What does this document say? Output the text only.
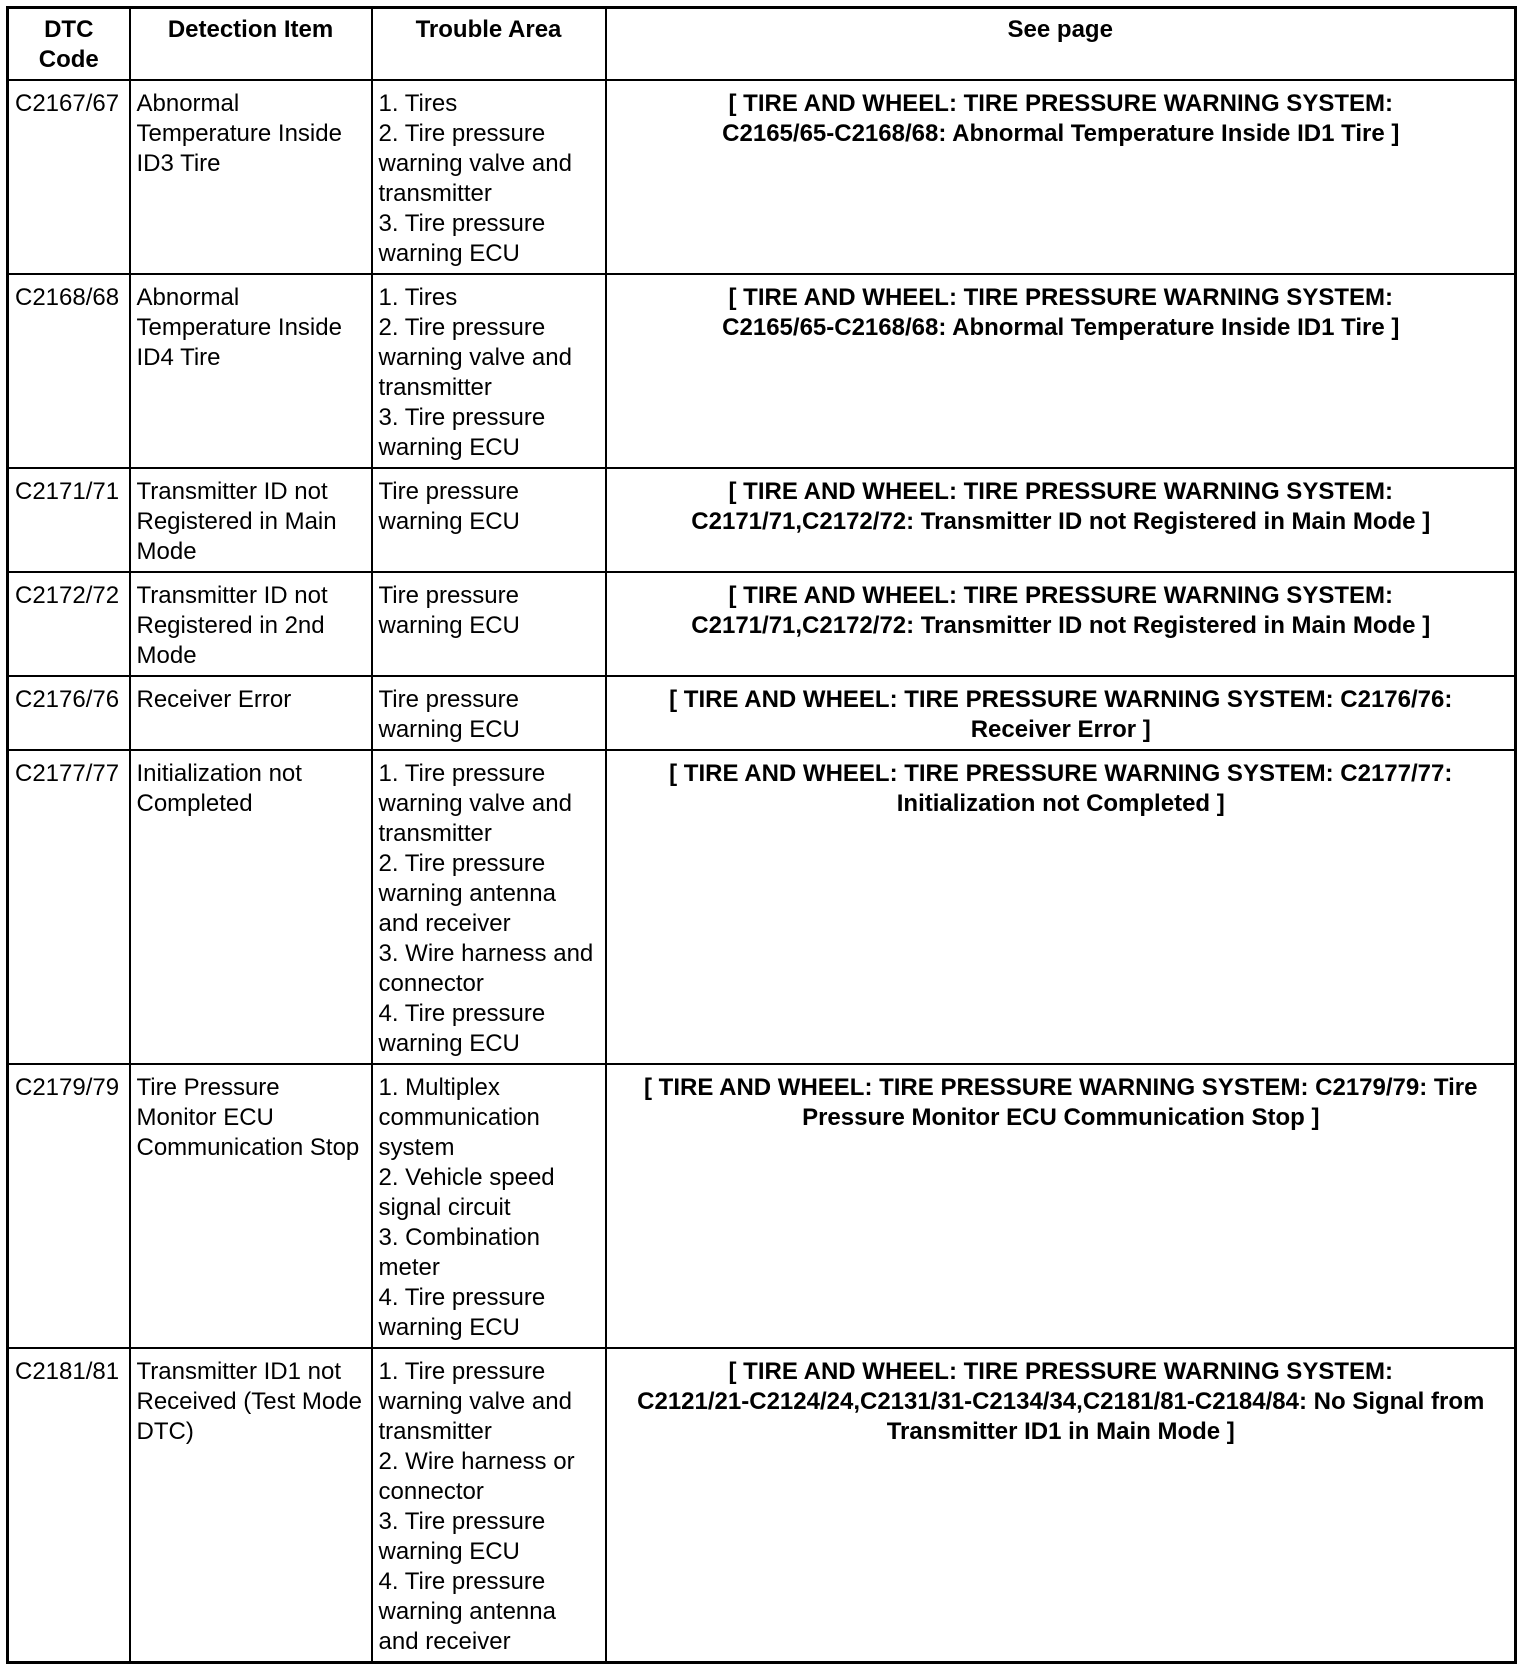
DTC Code	Detection Item	Trouble Area	See page
C2167/67	Abnormal Temperature Inside ID3 Tire	1. Tires
2. Tire pressure warning valve and transmitter
3. Tire pressure warning ECU	[ TIRE AND WHEEL: TIRE PRESSURE WARNING SYSTEM:
C2165/65-C2168/68: Abnormal Temperature Inside ID1 Tire ]

C2168/68	Abnormal Temperature Inside ID4 Tire	1. Tires
2. Tire pressure warning valve and transmitter
3. Tire pressure warning ECU	[ TIRE AND WHEEL: TIRE PRESSURE WARNING SYSTEM:
C2165/65-C2168/68: Abnormal Temperature Inside ID1 Tire ]

C2171/71	Transmitter ID not Registered in Main Mode	Tire pressure warning ECU	[ TIRE AND WHEEL: TIRE PRESSURE WARNING SYSTEM:
C2171/71,C2172/72: Transmitter ID not Registered in Main Mode ]

C2172/72	Transmitter ID not Registered in 2nd Mode	Tire pressure warning ECU	[ TIRE AND WHEEL: TIRE PRESSURE WARNING SYSTEM:
C2171/71,C2172/72: Transmitter ID not Registered in Main Mode ]

C2176/76	Receiver Error	Tire pressure warning ECU	[ TIRE AND WHEEL: TIRE PRESSURE WARNING SYSTEM: C2176/76:
Receiver Error ]

C2177/77	Initialization not Completed	1. Tire pressure warning valve and transmitter
2. Tire pressure warning antenna and receiver
3. Wire harness and connector
4. Tire pressure warning ECU	[ TIRE AND WHEEL: TIRE PRESSURE WARNING SYSTEM: C2177/77:
Initialization not Completed ]

C2179/79	Tire Pressure Monitor ECU Communication Stop	1. Multiplex communication system
2. Vehicle speed signal circuit
3. Combination meter
4. Tire pressure warning ECU	[ TIRE AND WHEEL: TIRE PRESSURE WARNING SYSTEM: C2179/79: Tire
Pressure Monitor ECU Communication Stop ]

C2181/81	Transmitter ID1 not Received (Test Mode DTC)	1. Tire pressure warning valve and transmitter
2. Wire harness or connector
3. Tire pressure warning ECU
4. Tire pressure warning antenna and receiver	[ TIRE AND WHEEL: TIRE PRESSURE WARNING SYSTEM:
C2121/21-C2124/24,C2131/31-C2134/34,C2181/81-C2184/84: No Signal from
Transmitter ID1 in Main Mode ]
